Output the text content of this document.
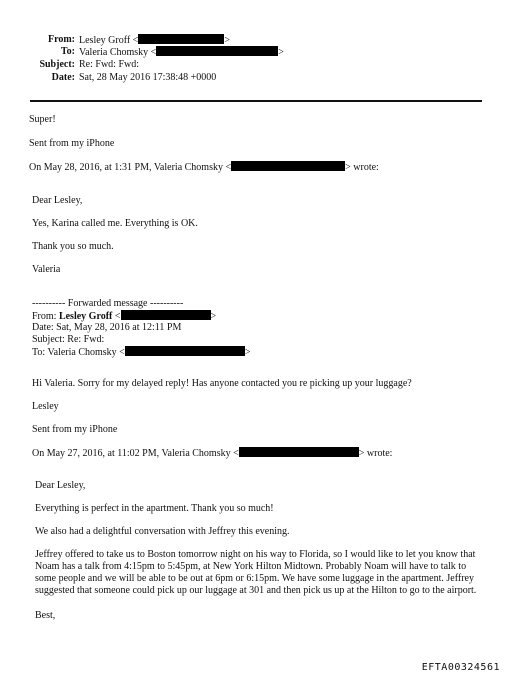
From: Lesley Groff <	>
To: Valeria Chomsky <	>
Subject: Re: Fwd: Fwd:
Date: Sat, 28 May 2016 17:38:48 +0000
Super!
Sent from my iPhone
On May 28, 2016, at 1:31 PM, Valeria Chomsky <	> wrote:
Dear Lesley,
Yes, Karina called me. Everything is OK.
Thank you so much.
Valeria
---------- Forwarded message ----------
From: Lesley Groff <	>
Date: Sat, May 28, 2016 at 12:11 PM
Subject: Re: Fwd:
To: Valeria Chomsky <	>
Hi Valeria. Sorry for my delayed reply! Has anyone contacted you re picking up your luggage?
Lesley
Sent from my iPhone
On May 27, 2016, at 11:02 PM, Valeria Chomsky <	> wrote:
Dear Lesley,
Everything is perfect in the apartment. Thank you so much!
We also had a delightful conversation with Jeffrey this evening.
Jeffrey offered to take us to Boston tomorrow night on his way to Florida, so I would like to let you know that Noam has a talk from 4:15pm to 5:45pm, at New York Hilton Midtown. Probably Noam will have to talk to some people and we will be able to be out at 6pm or 6:15pm. We have some luggage in the apartment. Jeffrey suggested that someone could pick up our luggage at 301 and then pick us up at the Hilton to go to the airport.
Best,
EFTA00324561
